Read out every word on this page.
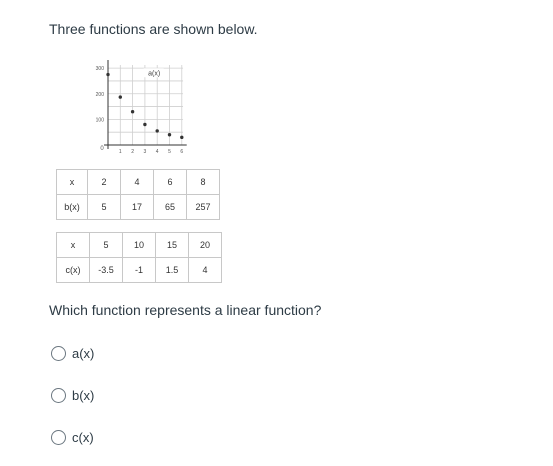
Three functions are shown below.
300
200
100
1 2 3 4 5 6
0
a(x)
x	2	4	6	8
b(x)	5	17	65	257
x	5	10	15	20
c(x)	-3.5	-1	1.5	4
Which function represents a linear function?
a(x)
b(x)
c(x)
